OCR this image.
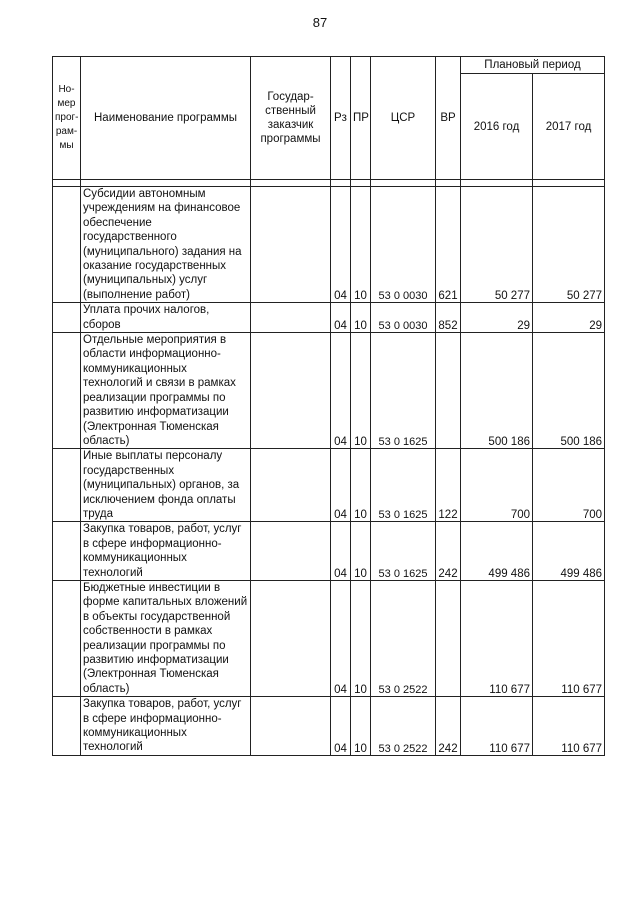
87
Но-мер прог-рам-мы	Наименование программы	Государ-ственный заказчик программы	Рз	ПР	ЦСР	ВР	Плановый период	
							2016 год	2017 год

	Субсидии автономным учреждениям на финансовое обеспечение государственного (муниципального) задания на оказание государственных (муниципальных) услуг (выполнение работ)		04	10	53 0 0030	621	50 277	50 277
	Уплата прочих налогов, сборов		04	10	53 0 0030	852	29	29
	Отдельные мероприятия в области информационно-коммуникационных технологий и связи в рамках реализации программы по развитию информатизации (Электронная Тюменская область)		04	10	53 0 1625		500 186	500 186
	Иные выплаты персоналу государственных (муниципальных) органов, за исключением фонда оплаты труда		04	10	53 0 1625	122	700	700
	Закупка товаров, работ, услуг в сфере информационно-коммуникационных технологий		04	10	53 0 1625	242	499 486	499 486
	Бюджетные инвестиции в форме капитальных вложений в объекты государственной собственности в рамках реализации программы по развитию информатизации (Электронная Тюменская область)		04	10	53 0 2522		110 677	110 677
	Закупка товаров, работ, услуг в сфере информационно-коммуникационных технологий		04	10	53 0 2522	242	110 677	110 677
